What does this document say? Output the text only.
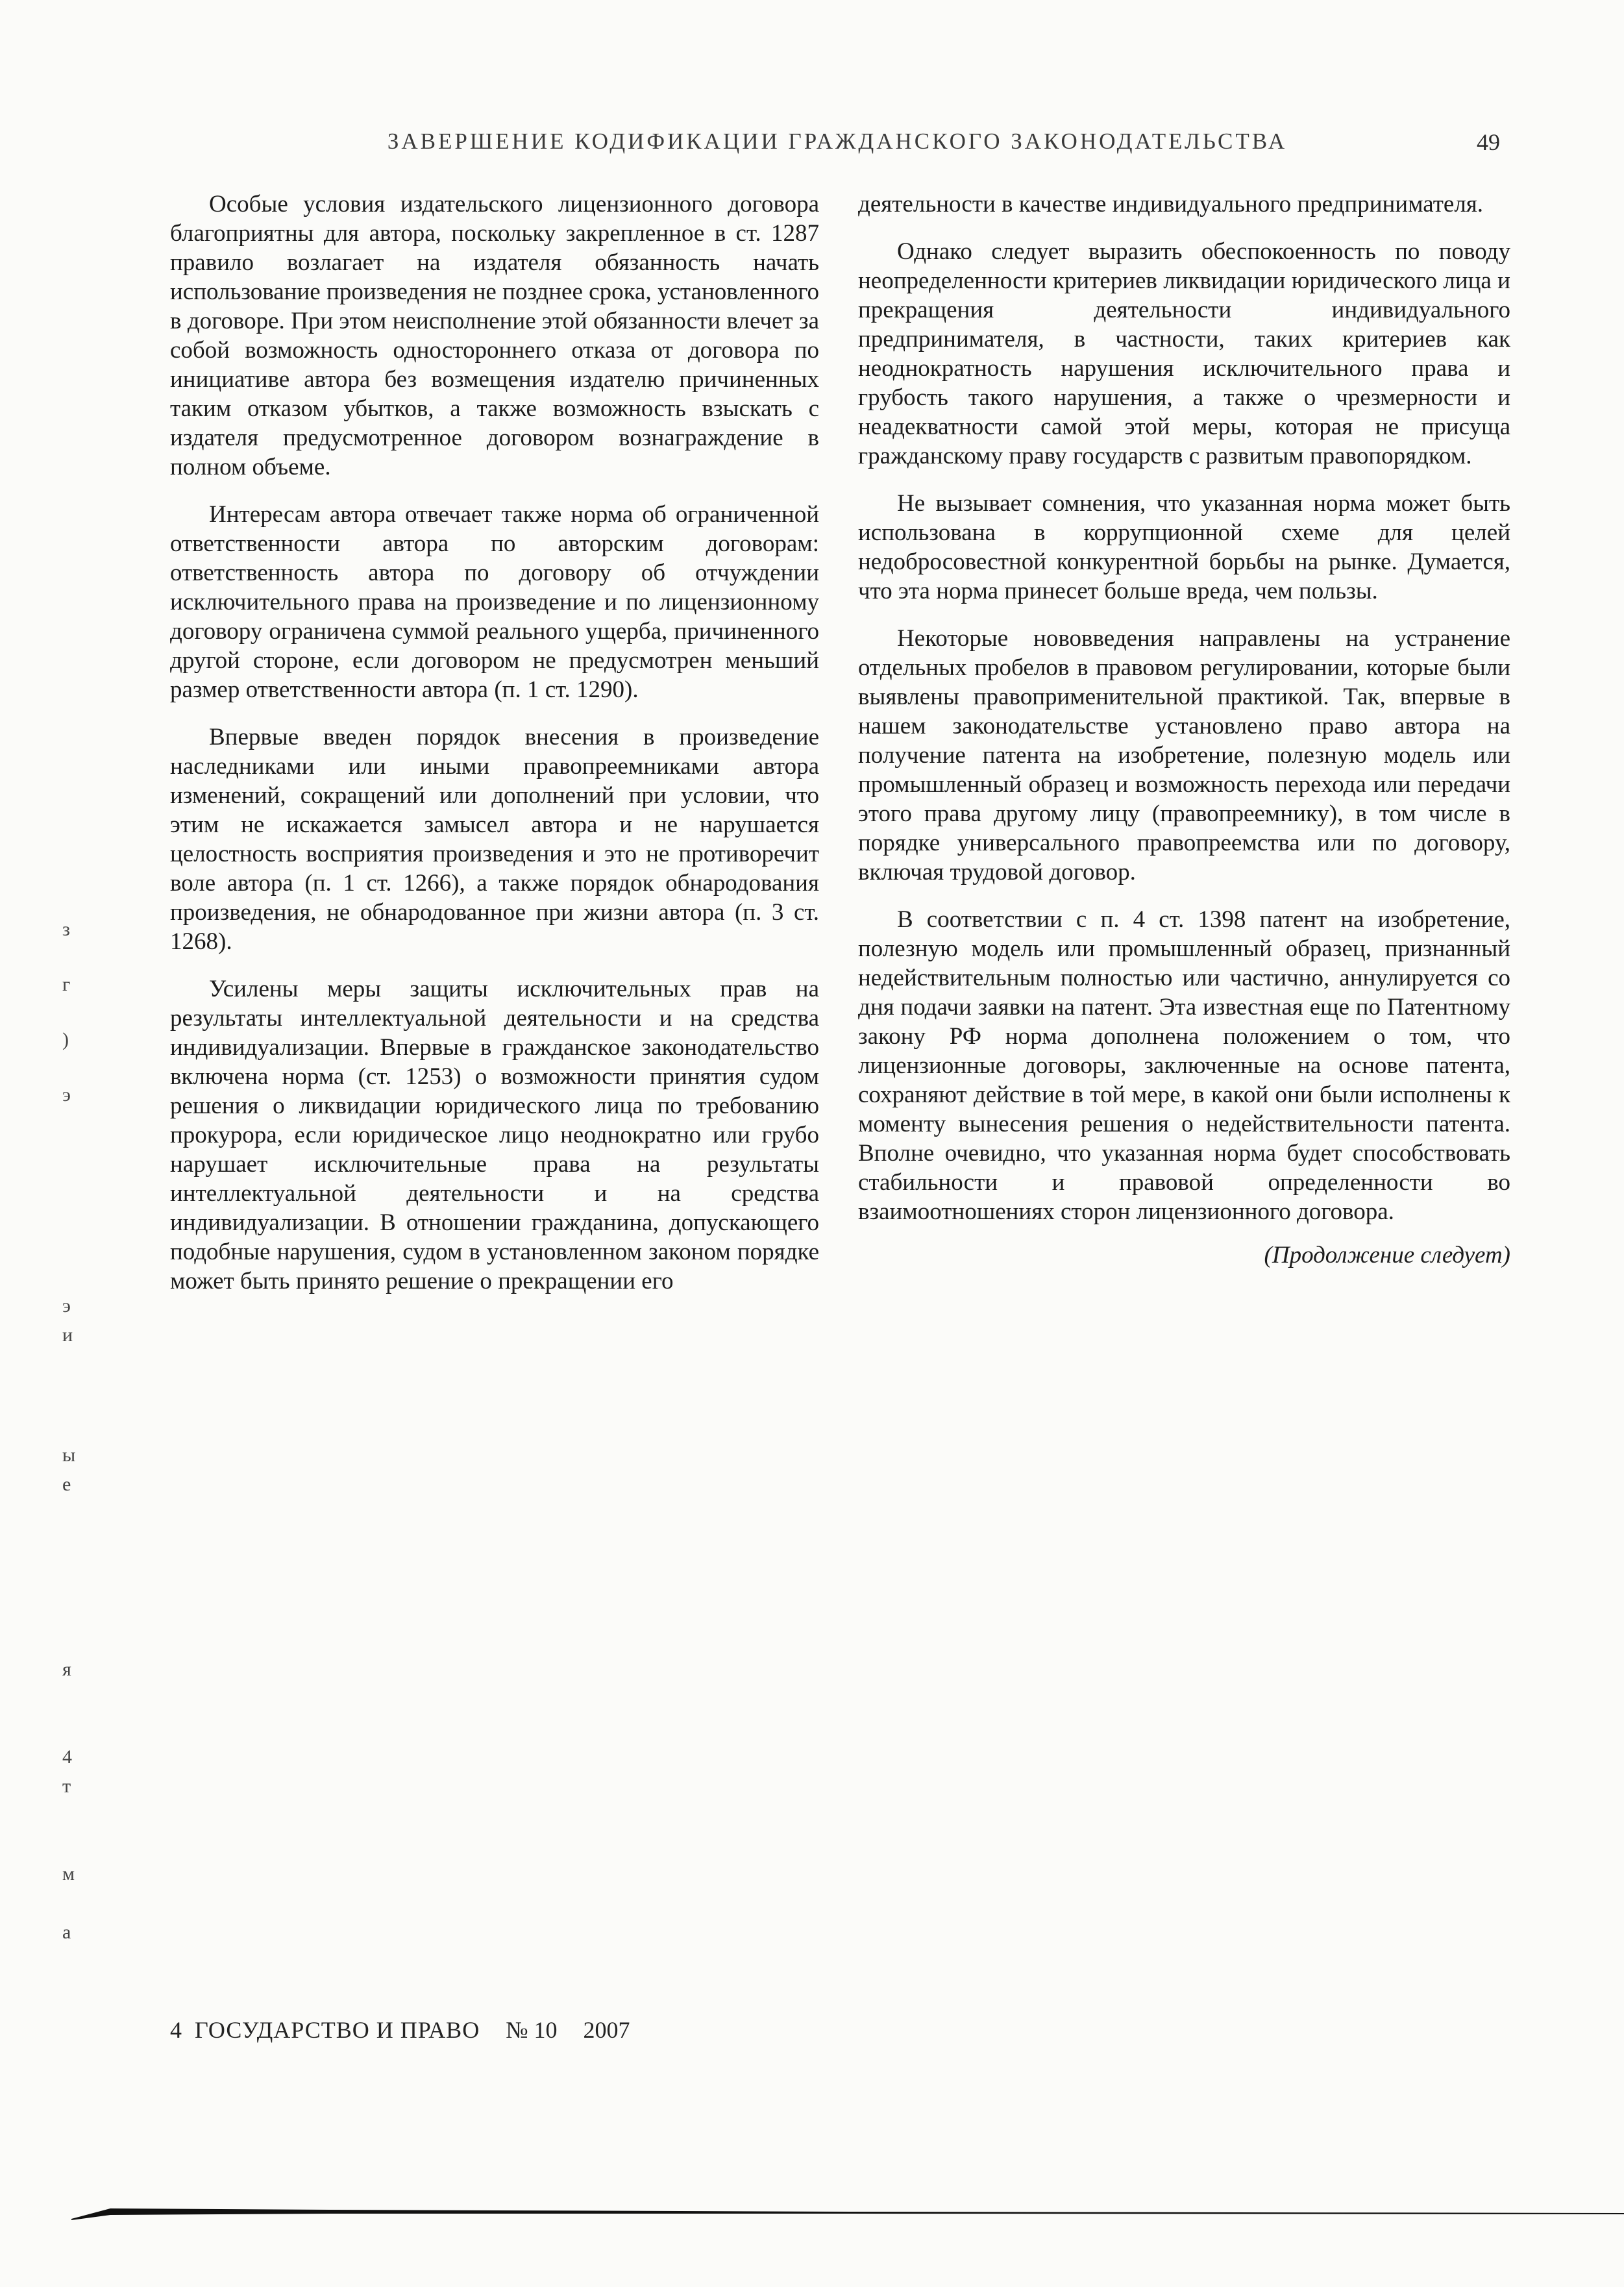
ЗАВЕРШЕНИЕ КОДИФИКАЦИИ ГРАЖДАНСКОГО ЗАКОНОДАТЕЛЬСТВА	49

Особые условия издательского лицензионного договора благоприятны для автора, поскольку закрепленное в ст. 1287 правило возлагает на издателя обязанность начать использование произведения не позднее срока, установленного в договоре. При этом неисполнение этой обязанности влечет за собой возможность одностороннего отказа от договора по инициативе автора без возмещения издателю причиненных таким отказом убытков, а также возможность взыскать с издателя предусмотренное договором вознаграждение в полном объеме.

Интересам автора отвечает также норма об ограниченной ответственности автора по авторским договорам: ответственность автора по договору об отчуждении исключительного права на произведение и по лицензионному договору ограничена суммой реального ущерба, причиненного другой стороне, если договором не предусмотрен меньший размер ответственности автора (п. 1 ст. 1290).

Впервые введен порядок внесения в произведение наследниками или иными правопреемниками автора изменений, сокращений или дополнений при условии, что этим не искажается замысел автора и не нарушается целостность восприятия произведения и это не противоречит воле автора (п. 1 ст. 1266), а также порядок обнародования произведения, не обнародованное при жизни автора (п. 3 ст. 1268).

Усилены меры защиты исключительных прав на результаты интеллектуальной деятельности и на средства индивидуализации. Впервые в гражданское законодательство включена норма (ст. 1253) о возможности принятия судом решения о ликвидации юридического лица по требованию прокурора, если юридическое лицо неоднократно или грубо нарушает исключительные права на результаты интеллектуальной деятельности и на средства индивидуализации. В отношении гражданина, допускающего подобные нарушения, судом в установленном законом порядке может быть принято решение о прекращении его

деятельности в качестве индивидуального предпринимателя.

Однако следует выразить обеспокоенность по поводу неопределенности критериев ликвидации юридического лица и прекращения деятельности индивидуального предпринимателя, в частности, таких критериев как неоднократность нарушения исключительного права и грубость такого нарушения, а также о чрезмерности и неадекватности самой этой меры, которая не присуща гражданскому праву государств с развитым правопорядком.

Не вызывает сомнения, что указанная норма может быть использована в коррупционной схеме для целей недобросовестной конкурентной борьбы на рынке. Думается, что эта норма принесет больше вреда, чем пользы.

Некоторые нововведения направлены на устранение отдельных пробелов в правовом регулировании, которые были выявлены правоприменительной практикой. Так, впервые в нашем законодательстве установлено право автора на получение патента на изобретение, полезную модель или промышленный образец и возможность перехода или передачи этого права другому лицу (правопреемнику), в том числе в порядке универсального правопреемства или по договору, включая трудовой договор.

В соответствии с п. 4 ст. 1398 патент на изобретение, полезную модель или промышленный образец, признанный недействительным полностью или частично, аннулируется со дня подачи заявки на патент. Эта известная еще по Патентному закону РФ норма дополнена положением о том, что лицензионные договоры, заключенные на основе патента, сохраняют действие в той мере, в какой они были исполнены к моменту вынесения решения о недействительности патента. Вполне очевидно, что указанная норма будет способствовать стабильности и правовой определенности во взаимоотношениях сторон лицензионного договора.

(Продолжение следует)

4 ГОСУДАРСТВО И ПРАВО № 10 2007
з
г
)
э
э
и
ы
е
я
4
т
м
а
